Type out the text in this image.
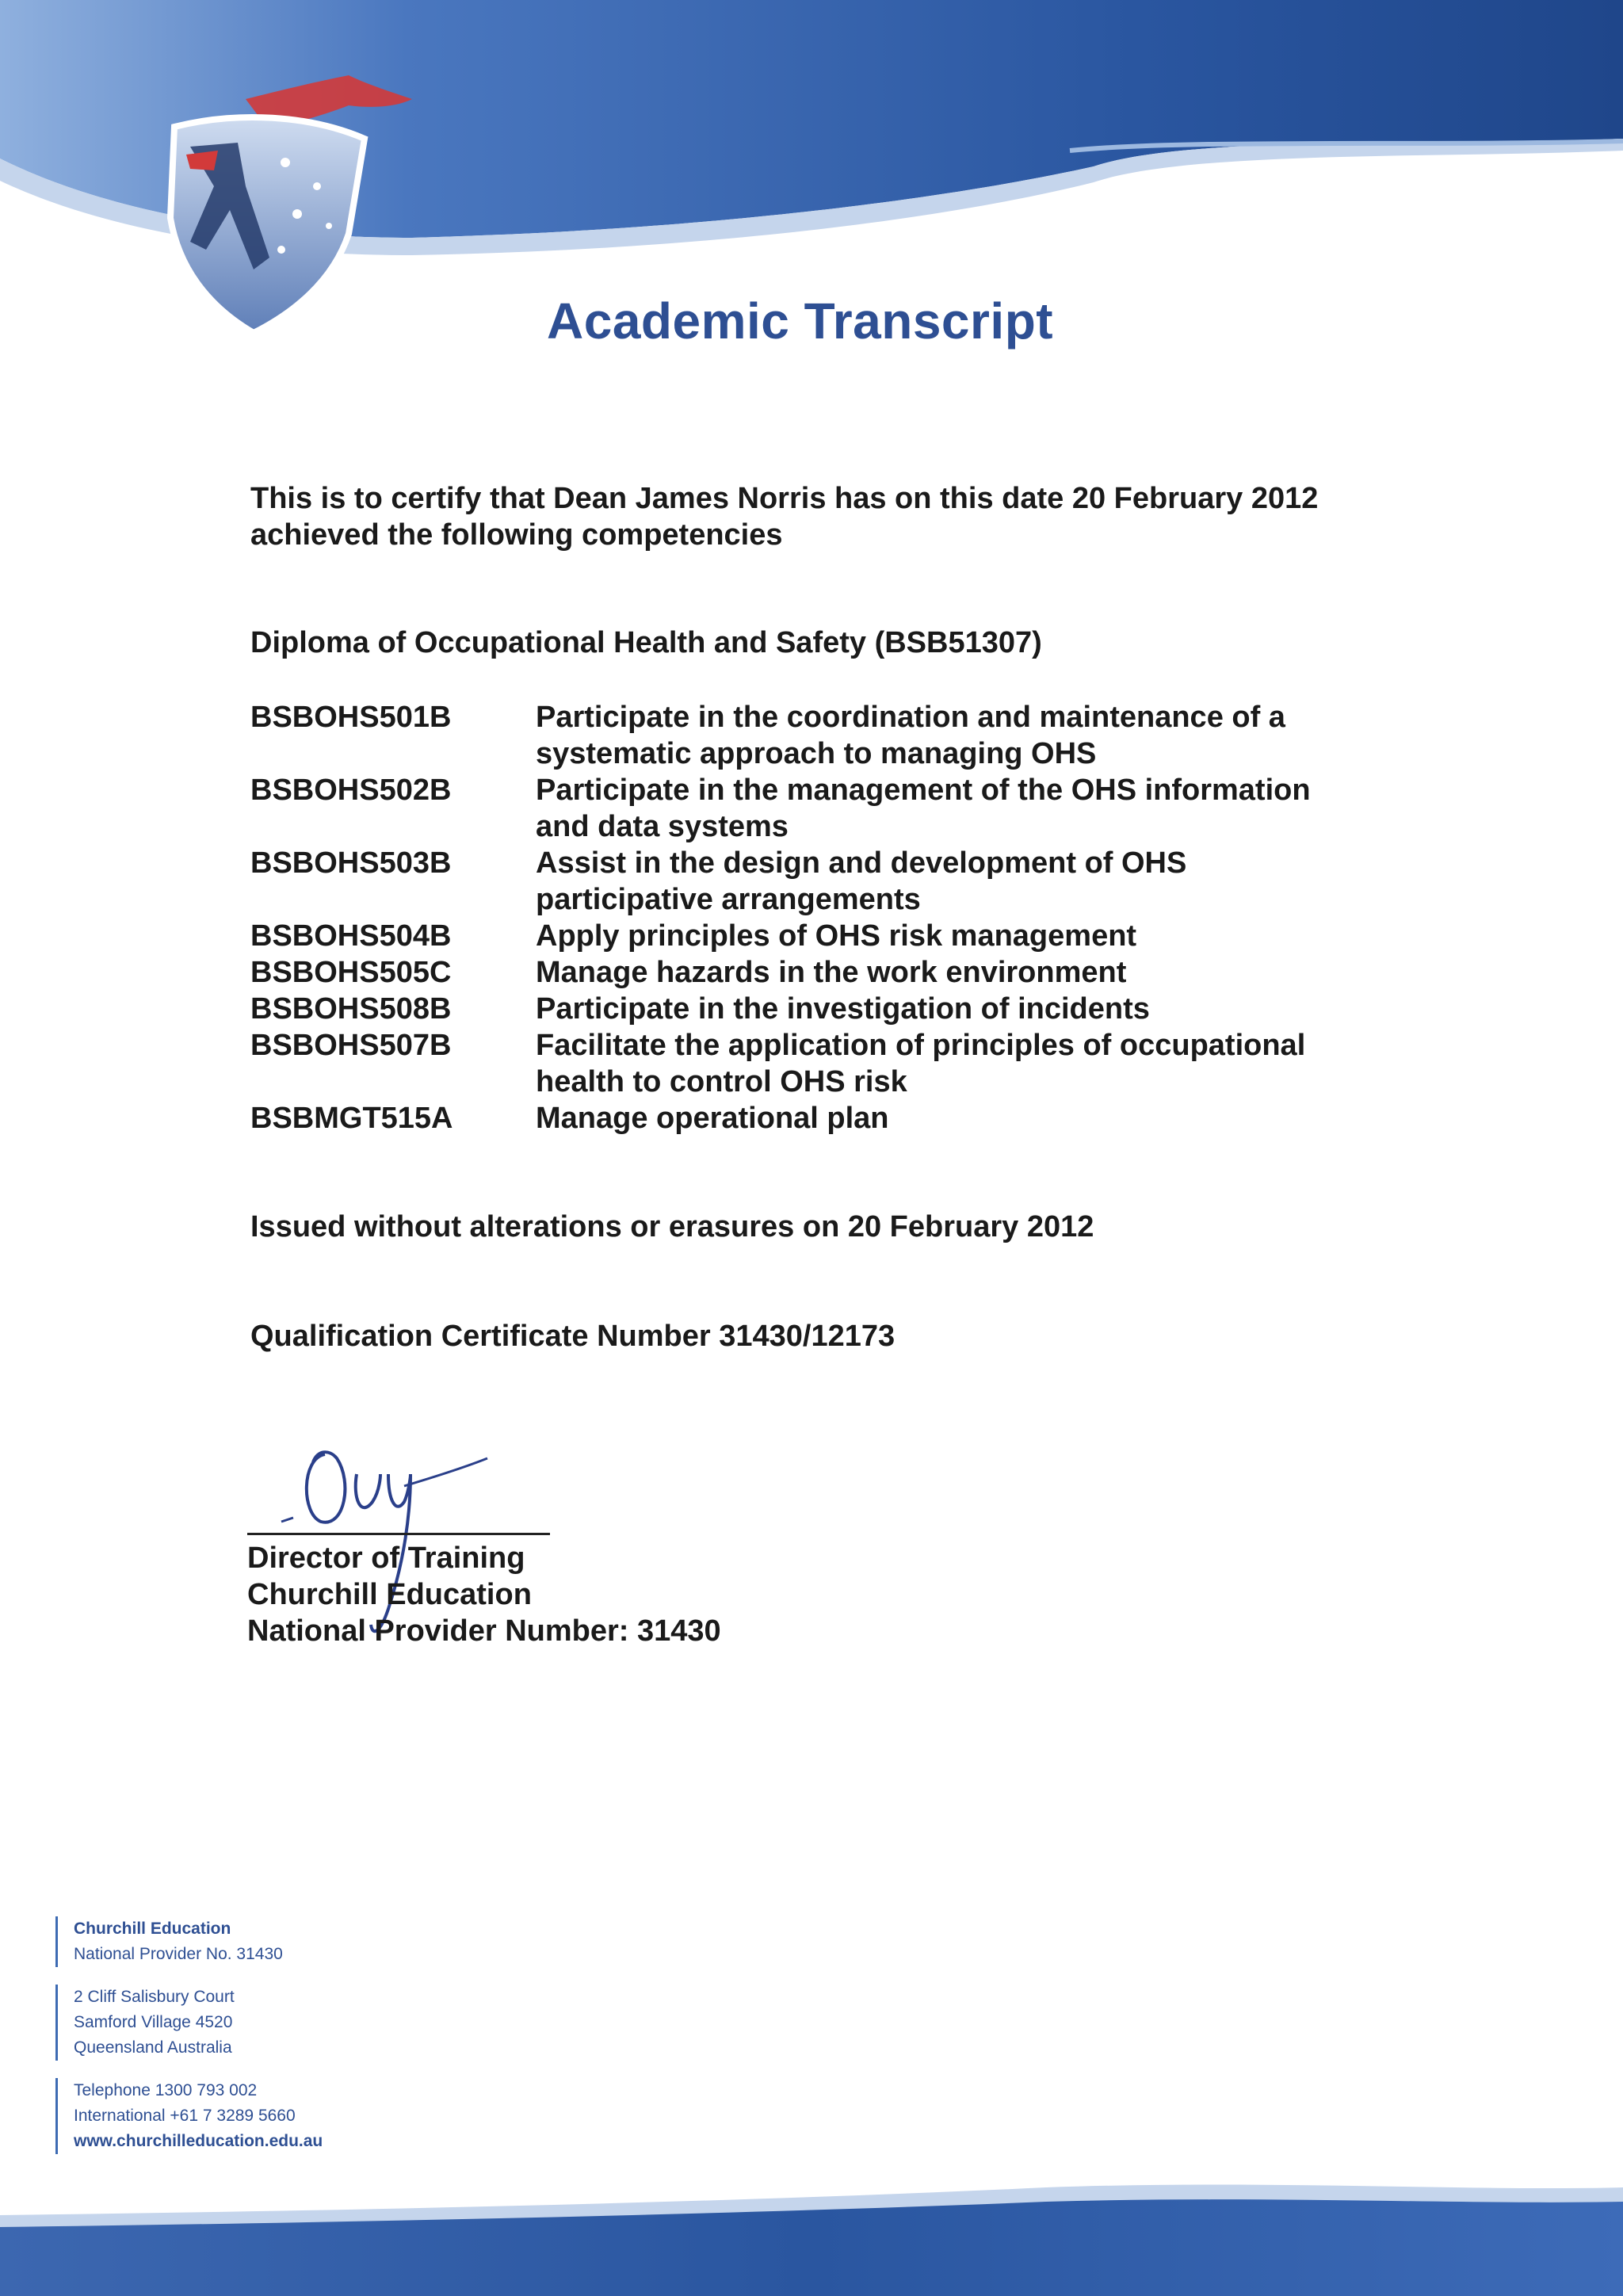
Academic Transcript
This is to certify that Dean James Norris has on this date 20 February 2012
achieved the following competencies
Diploma of Occupational Health and Safety (BSB51307)
BSBOHS501B	Participate in the coordination and maintenance of a
systematic approach to managing OHS
BSBOHS502B	Participate in the management of the OHS information
and data systems
BSBOHS503B	Assist in the design and development of OHS
participative arrangements
BSBOHS504B	Apply principles of OHS risk management
BSBOHS505C	Manage hazards in the work environment
BSBOHS508B	Participate in the investigation of incidents
BSBOHS507B	Facilitate the application of principles of occupational
health to control OHS risk
BSBMGT515A	Manage operational plan
Issued without alterations or erasures on 20 February 2012
Qualification Certificate Number 31430/12173
Director of Training
Churchill Education
National Provider Number: 31430
Churchill Education
National Provider No. 31430
2 Cliff Salisbury Court
Samford Village 4520
Queensland Australia
Telephone 1300 793 002
International +61 7 3289 5660
www.churchilleducation.edu.au
